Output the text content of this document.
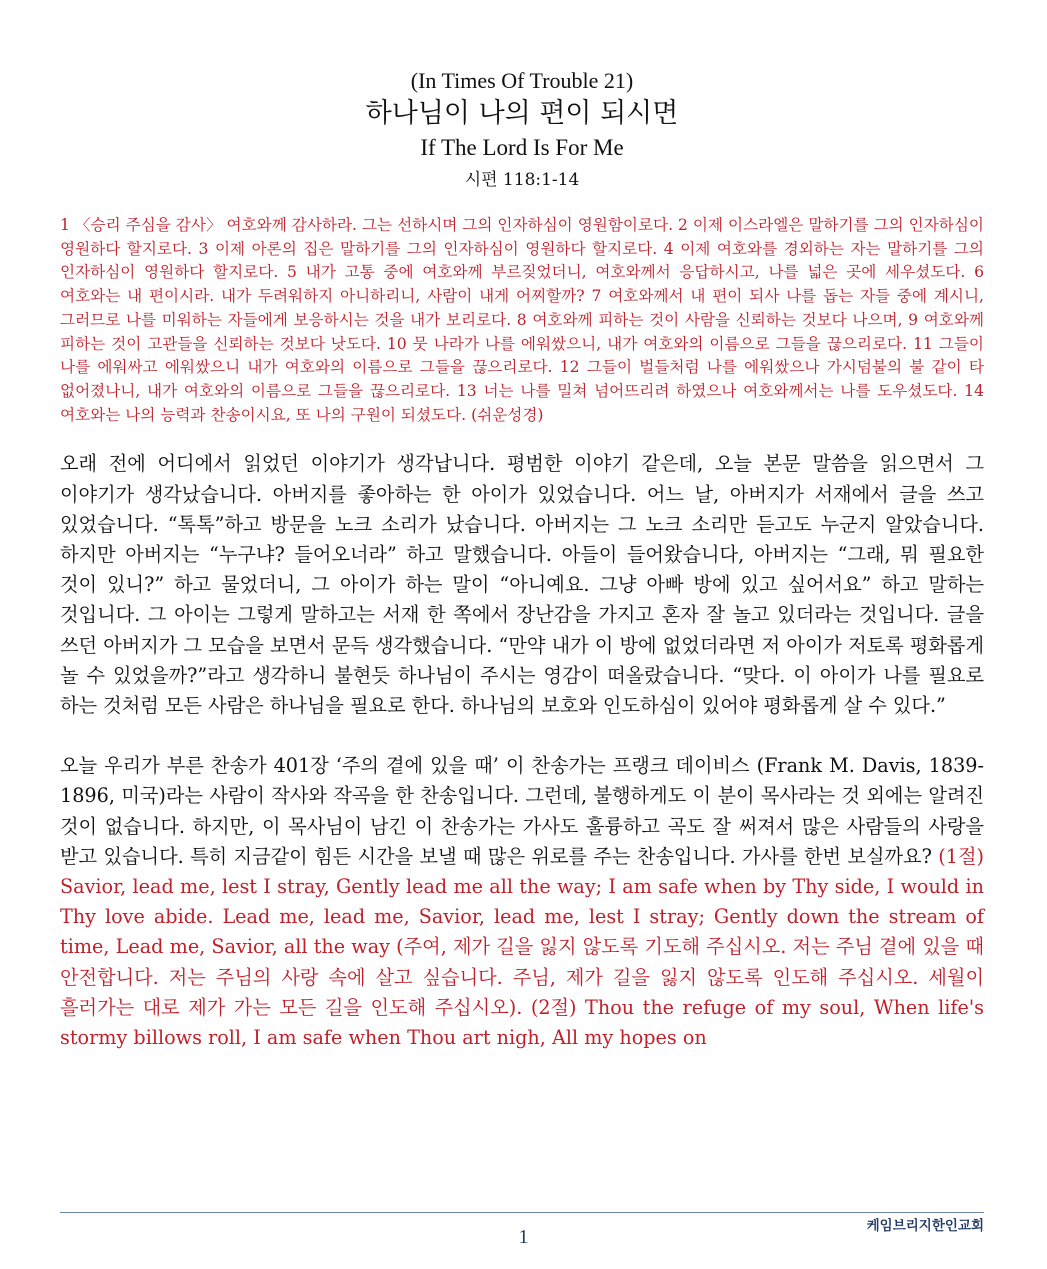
(In Times Of Trouble 21)
하나님이 나의 편이 되시면
If The Lord Is For Me
시편 118:1-14
1 〈승리 주심을 감사〉 여호와께 감사하라. 그는 선하시며 그의 인자하심이 영원함이로다. 2 이제 이스라엘은 말하기를 그의 인자하심이 영원하다 할지로다. 3 이제 아론의 집은 말하기를 그의 인자하심이 영원하다 할지로다. 4 이제 여호와를 경외하는 자는 말하기를 그의 인자하심이 영원하다 할지로다. 5 내가 고통 중에 여호와께 부르짖었더니, 여호와께서 응답하시고, 나를 넓은 곳에 세우셨도다. 6 여호와는 내 편이시라. 내가 두려워하지 아니하리니, 사람이 내게 어찌할까? 7 여호와께서 내 편이 되사 나를 돕는 자들 중에 계시니, 그러므로 나를 미워하는 자들에게 보응하시는 것을 내가 보리로다. 8 여호와께 피하는 것이 사람을 신뢰하는 것보다 나으며, 9 여호와께 피하는 것이 고관들을 신뢰하는 것보다 낫도다. 10 뭇 나라가 나를 에워쌌으니, 내가 여호와의 이름으로 그들을 끊으리로다. 11 그들이 나를 에워싸고 에워쌌으니 내가 여호와의 이름으로 그들을 끊으리로다. 12 그들이 벌들처럼 나를 에워쌌으나 가시덤불의 불 같이 타 없어졌나니, 내가 여호와의 이름으로 그들을 끊으리로다. 13 너는 나를 밀쳐 넘어뜨리려 하였으나 여호와께서는 나를 도우셨도다. 14 여호와는 나의 능력과 찬송이시요, 또 나의 구원이 되셨도다. (쉬운성경)

오래 전에 어디에서 읽었던 이야기가 생각납니다. 평범한 이야기 같은데, 오늘 본문 말씀을 읽으면서 그 이야기가 생각났습니다. 아버지를 좋아하는 한 아이가 있었습니다. 어느 날, 아버지가 서재에서 글을 쓰고 있었습니다. “톡톡”하고 방문을 노크 소리가 났습니다. 아버지는 그 노크 소리만 듣고도 누군지 알았습니다. 하지만 아버지는 “누구냐? 들어오너라” 하고 말했습니다. 아들이 들어왔습니다, 아버지는 “그래, 뭐 필요한 것이 있니?” 하고 물었더니, 그 아이가 하는 말이 “아니예요. 그냥 아빠 방에 있고 싶어서요” 하고 말하는 것입니다. 그 아이는 그렇게 말하고는 서재 한 쪽에서 장난감을 가지고 혼자 잘 놀고 있더라는 것입니다. 글을 쓰던 아버지가 그 모습을 보면서 문득 생각했습니다. “만약 내가 이 방에 없었더라면 저 아이가 저토록 평화롭게 놀 수 있었을까?”라고 생각하니 불현듯 하나님이 주시는 영감이 떠올랐습니다. “맞다. 이 아이가 나를 필요로 하는 것처럼 모든 사람은 하나님을 필요로 한다. 하나님의 보호와 인도하심이 있어야 평화롭게 살 수 있다.”

오늘 우리가 부른 찬송가 401장 ‘주의 곁에 있을 때’ 이 찬송가는 프랭크 데이비스 (Frank M. Davis, 1839-1896, 미국)라는 사람이 작사와 작곡을 한 찬송입니다. 그런데, 불행하게도 이 분이 목사라는 것 외에는 알려진 것이 없습니다. 하지만, 이 목사님이 남긴 이 찬송가는 가사도 훌륭하고 곡도 잘 써져서 많은 사람들의 사랑을 받고 있습니다. 특히 지금같이 힘든 시간을 보낼 때 많은 위로를 주는 찬송입니다. 가사를 한번 보실까요? (1절) Savior, lead me, lest I stray, Gently lead me all the way; I am safe when by Thy side, I would in Thy love abide. Lead me, lead me, Savior, lead me, lest I stray; Gently down the stream of time, Lead me, Savior, all the way (주여, 제가 길을 잃지 않도록 기도해 주십시오. 저는 주님 곁에 있을 때 안전합니다. 저는 주님의 사랑 속에 살고 싶습니다. 주님, 제가 길을 잃지 않도록 인도해 주십시오. 세월이 흘러가는 대로 제가 가는 모든 길을 인도해 주십시오). (2절) Thou the refuge of my soul, When life's stormy billows roll, I am safe when Thou art nigh, All my hopes on

케임브리지한인교회
1
